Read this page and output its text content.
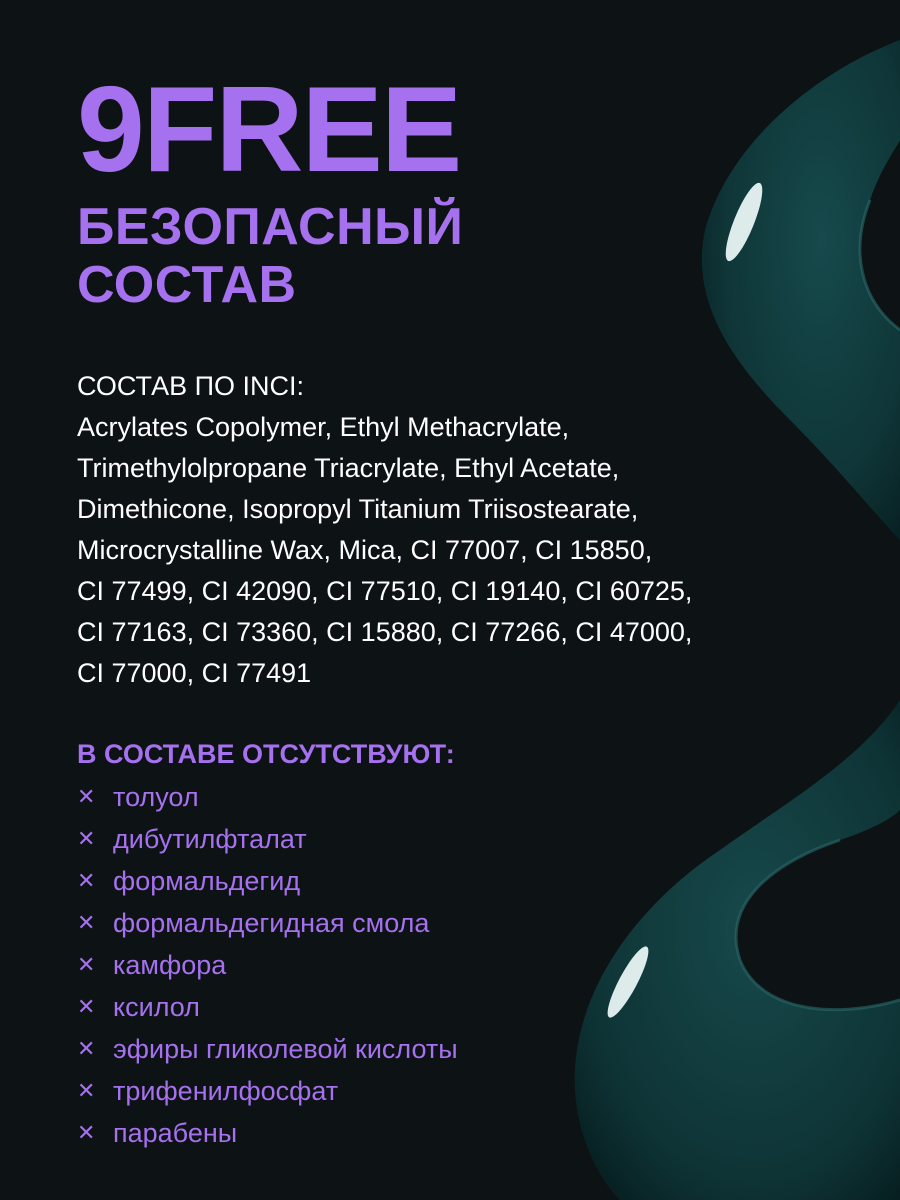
9FREE
БЕЗОПАСНЫЙ
СОСТАВ
СОСТАВ ПО INCI:
Acrylates Copolymer, Ethyl Methacrylate,
Trimethylolpropane Triacrylate, Ethyl Acetate,
Dimethicone, Isopropyl Titanium Triisostearate,
Microcrystalline Wax, Mica, CI 77007, CI 15850,
CI 77499, CI 42090, CI 77510, CI 19140, CI 60725,
CI 77163, CI 73360, CI 15880, CI 77266, CI 47000,
CI 77000, CI 77491
В СОСТАВЕ ОТСУТСТВУЮТ:
✕ толуол
✕ дибутилфталат
✕ формальдегид
✕ формальдегидная смола
✕ камфора
✕ ксилол
✕ эфиры гликолевой кислоты
✕ трифенилфосфат
✕ парабены
